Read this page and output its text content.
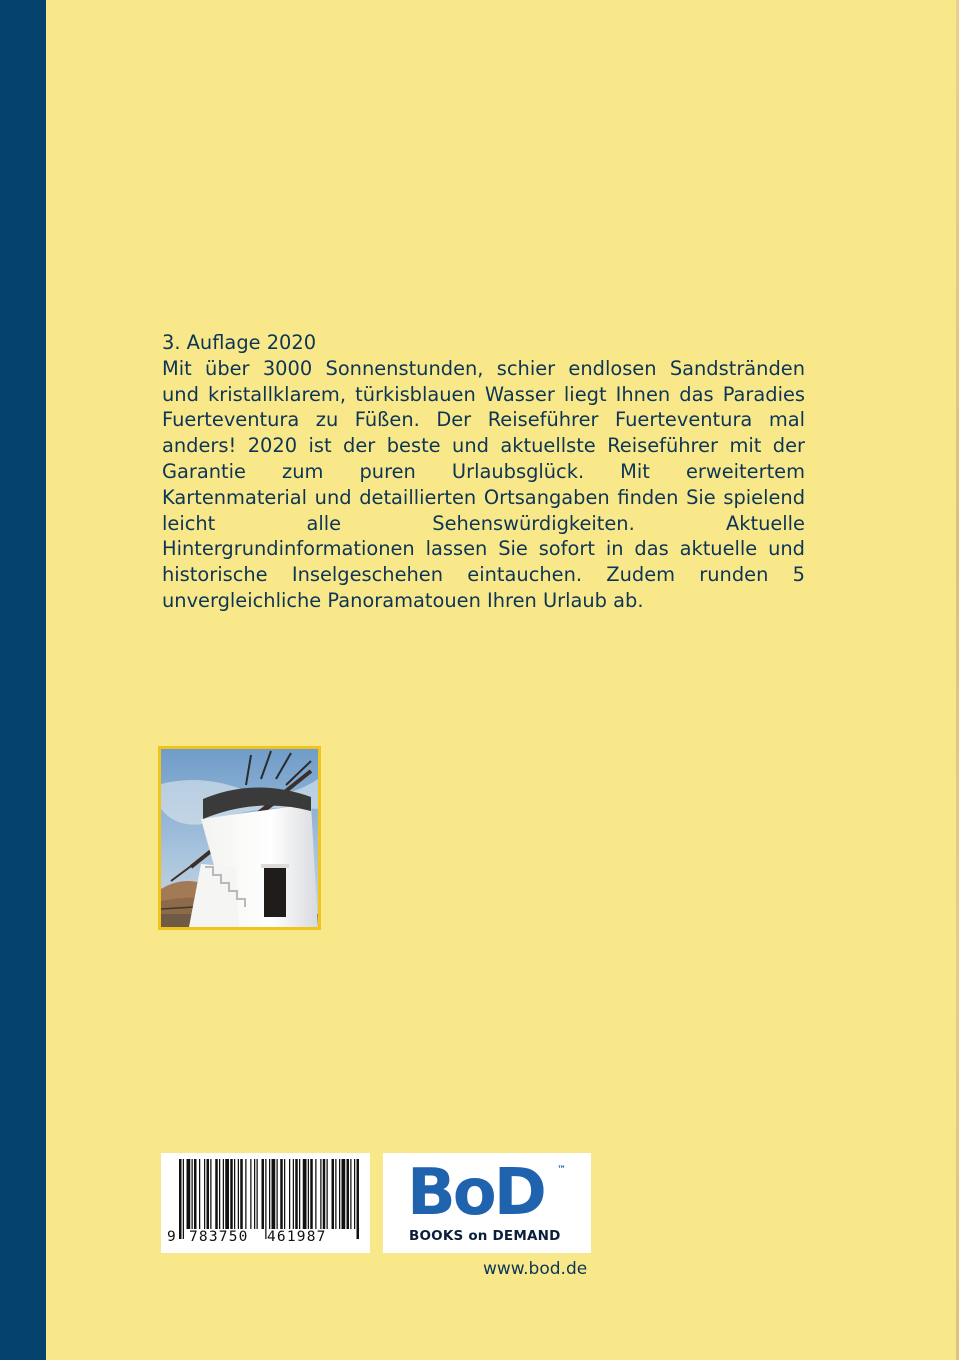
3. Auflage 2020
Mit über 3000 Sonnenstunden, schier endlosen Sandstränden und kristallklarem, türkisblauen Wasser liegt Ihnen das Paradies Fuerteventura zu Füßen. Der Reiseführer Fuerteventura mal anders! 2020 ist der beste und aktuellste Reiseführer mit der Garantie zum puren Urlaubsglück. Mit erweitertem Kartenmaterial und detaillierten Ortsangaben finden Sie spielend leicht alle Sehenswürdigkeiten. Aktuelle Hintergrundinformationen lassen Sie sofort in das aktuelle und historische Inselgeschehen eintauchen. Zudem runden 5 unvergleichliche Panoramatouen Ihren Urlaub ab.
9 783750 461987
BoD ™
BOOKS on DEMAND
www.bod.de
